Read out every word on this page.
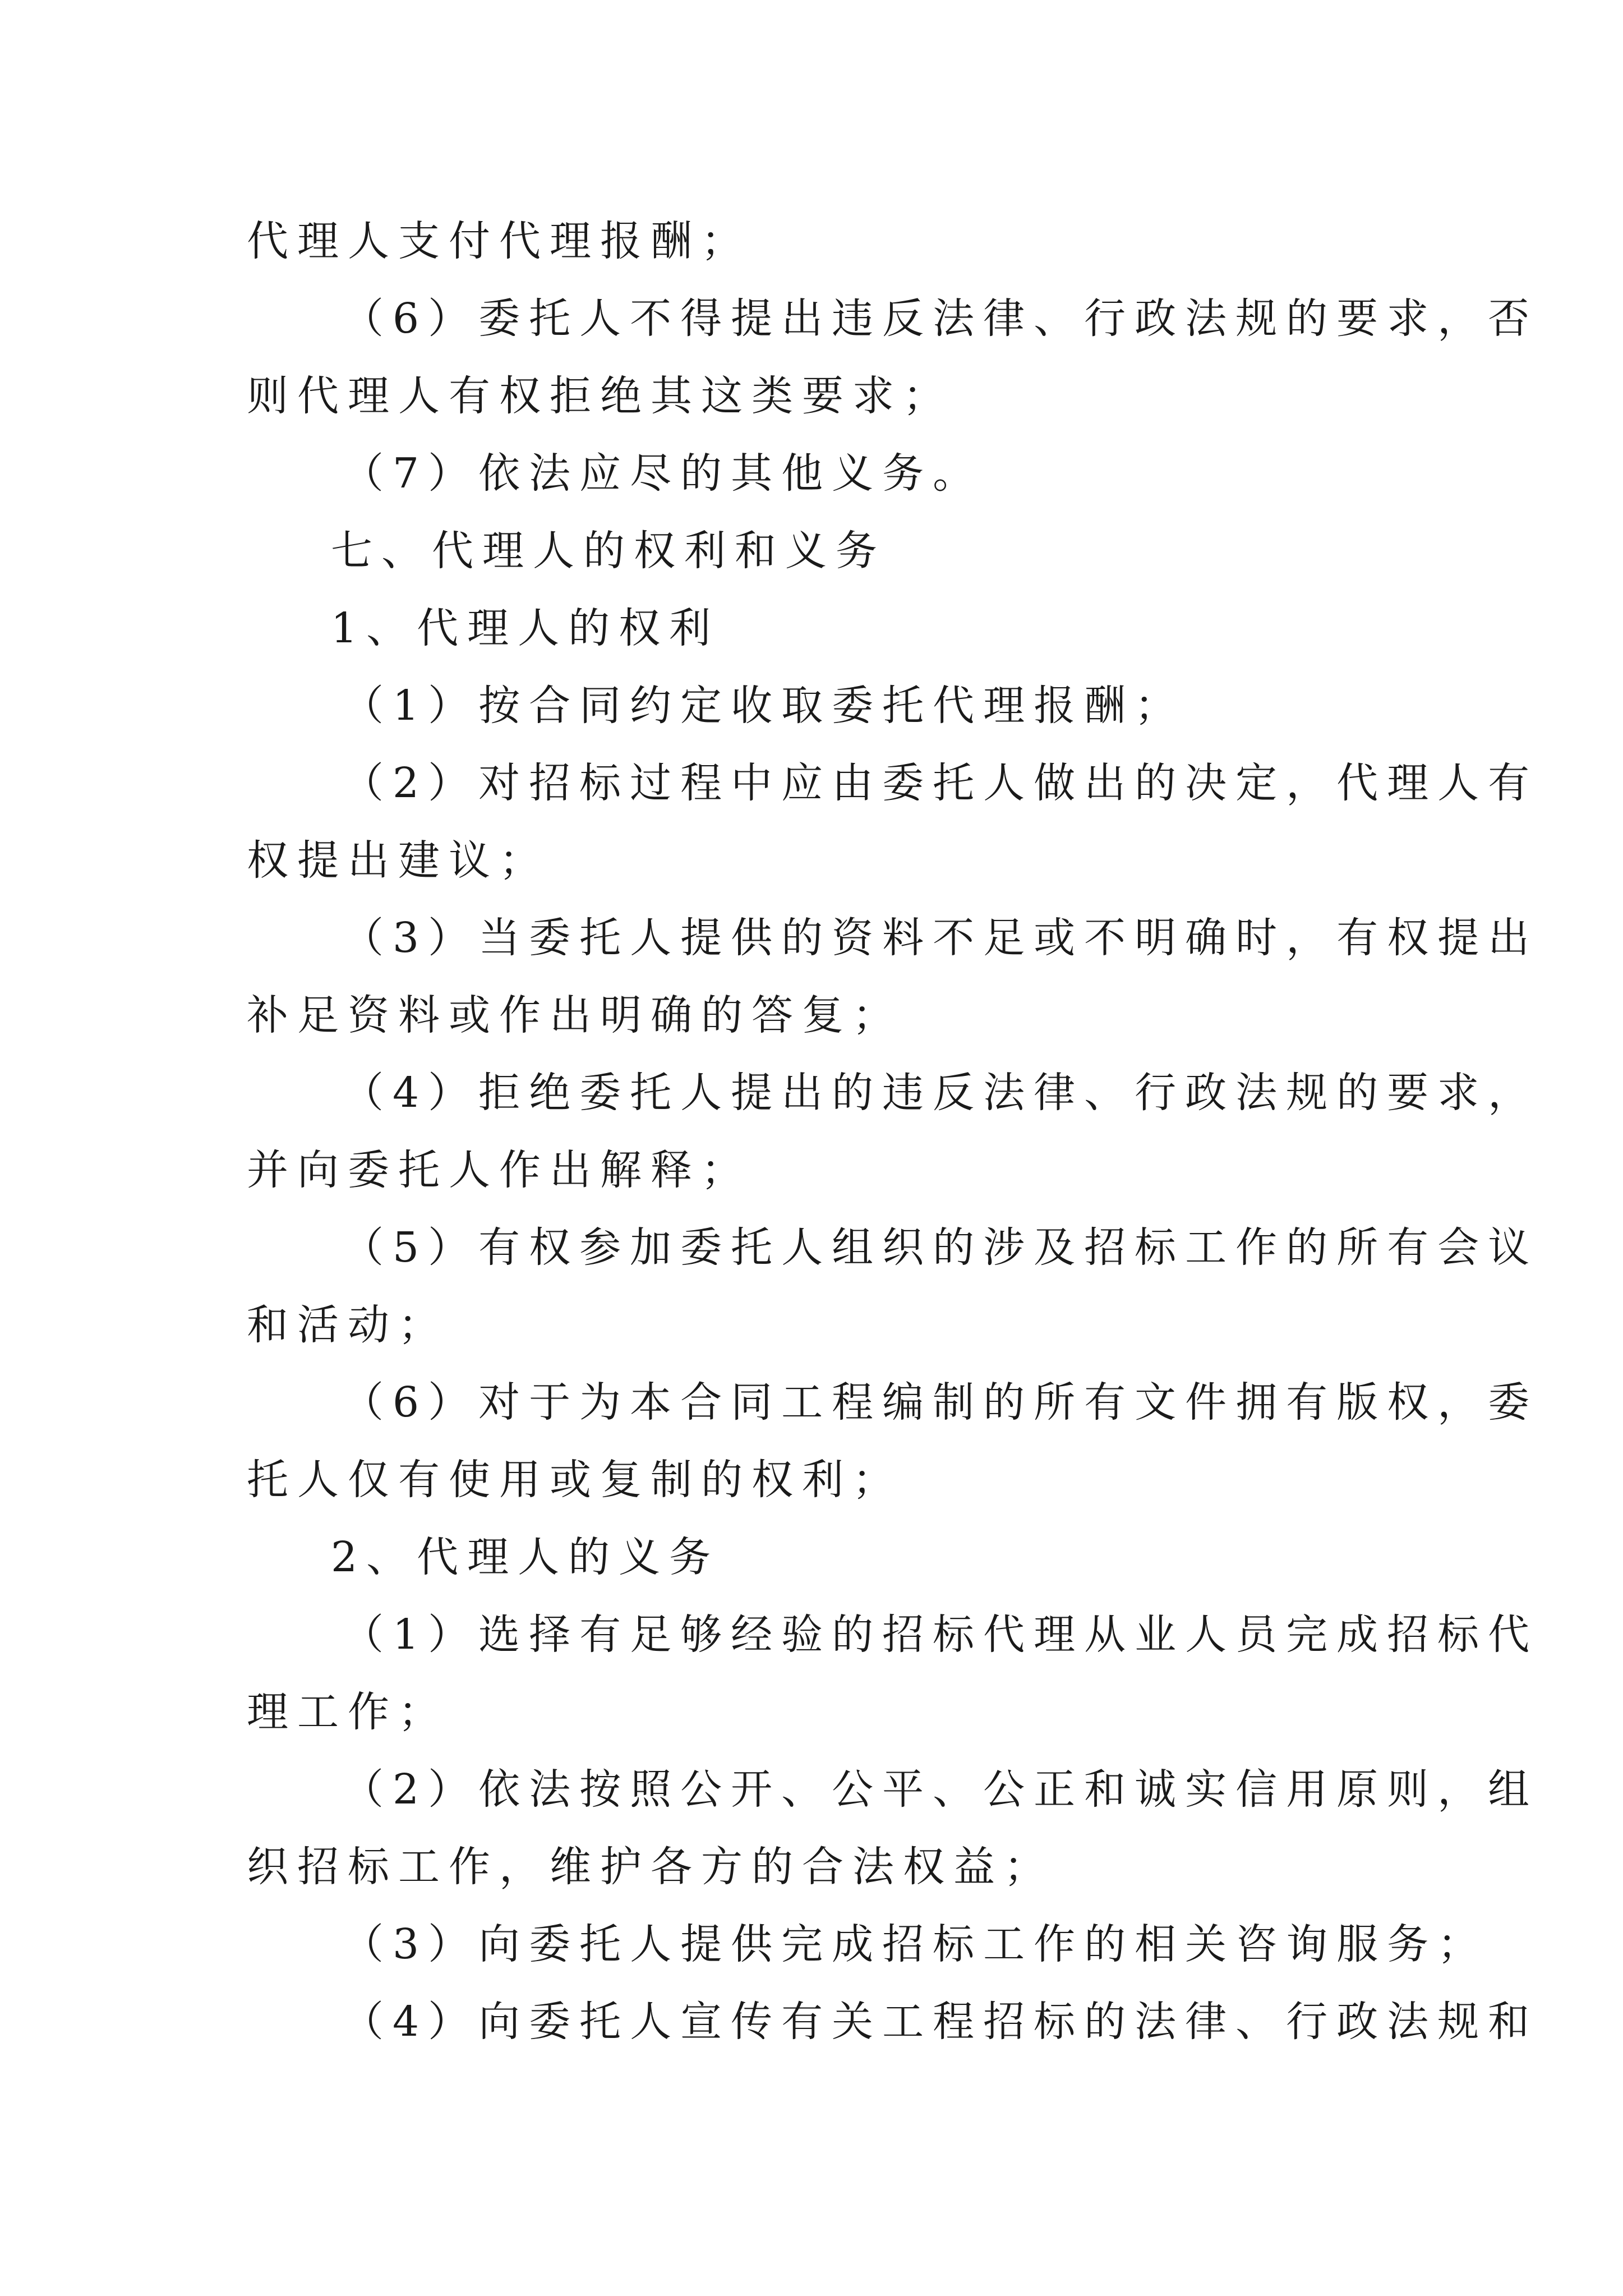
代理人支付代理报酬；
（6）委托人不得提出违反法律、行政法规的要求，否
则代理人有权拒绝其这类要求；
（7）依法应尽的其他义务。
七、代理人的权利和义务
1、代理人的权利
（1）按合同约定收取委托代理报酬；
（2）对招标过程中应由委托人做出的决定，代理人有
权提出建议；
（3）当委托人提供的资料不足或不明确时，有权提出
补足资料或作出明确的答复；
（4）拒绝委托人提出的违反法律、行政法规的要求，
并向委托人作出解释；
（5）有权参加委托人组织的涉及招标工作的所有会议
和活动；
（6）对于为本合同工程编制的所有文件拥有版权，委
托人仅有使用或复制的权利；
2、代理人的义务
（1）选择有足够经验的招标代理从业人员完成招标代
理工作；
（2）依法按照公开、公平、公正和诚实信用原则，组
织招标工作，维护各方的合法权益；
（3）向委托人提供完成招标工作的相关咨询服务；
（4）向委托人宣传有关工程招标的法律、行政法规和
